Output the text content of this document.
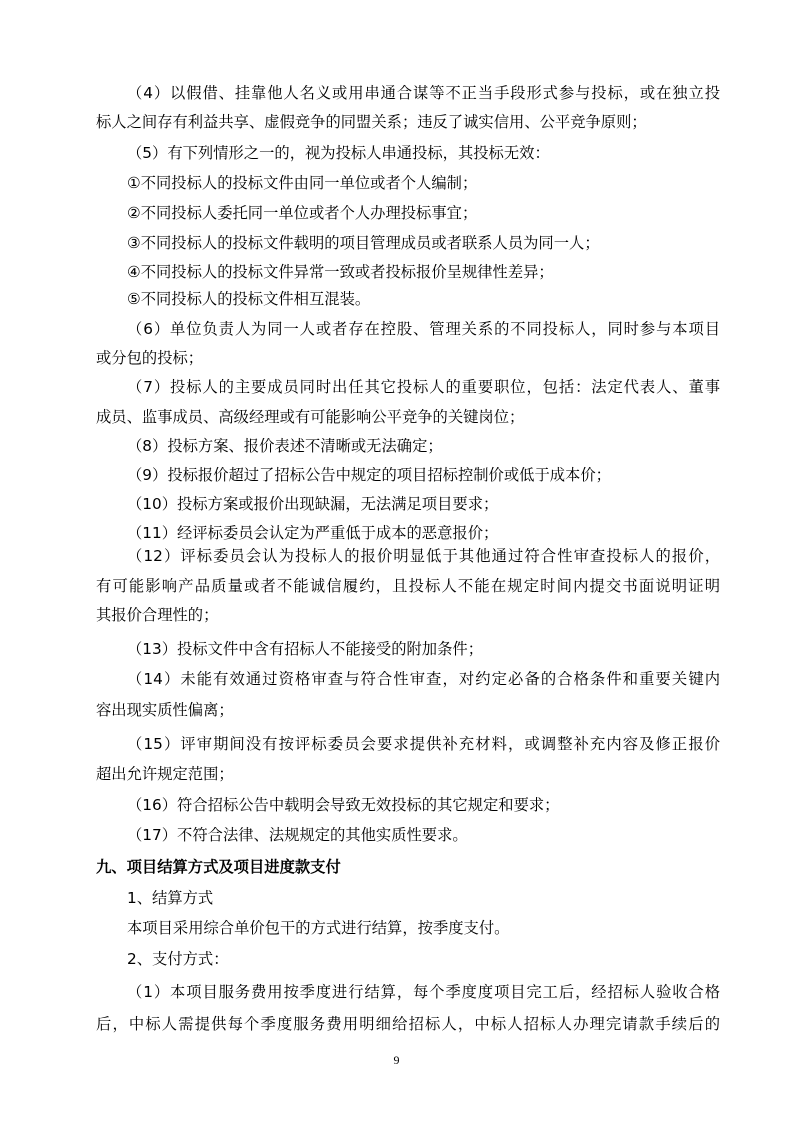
（4）以假借、挂靠他人名义或用串通合谋等不正当手段形式参与投标，或在独立投
标人之间存有利益共享、虚假竞争的同盟关系；违反了诚实信用、公平竞争原则；
（5）有下列情形之一的，视为投标人串通投标，其投标无效：
①不同投标人的投标文件由同一单位或者个人编制；
②不同投标人委托同一单位或者个人办理投标事宜；
③不同投标人的投标文件载明的项目管理成员或者联系人员为同一人；
④不同投标人的投标文件异常一致或者投标报价呈规律性差异；
⑤不同投标人的投标文件相互混装。
（6）单位负责人为同一人或者存在控股、管理关系的不同投标人，同时参与本项目
或分包的投标；
（7）投标人的主要成员同时出任其它投标人的重要职位，包括：法定代表人、董事
成员、监事成员、高级经理或有可能影响公平竞争的关键岗位；
（8）投标方案、报价表述不清晰或无法确定；
（9）投标报价超过了招标公告中规定的项目招标控制价或低于成本价；
（10）投标方案或报价出现缺漏，无法满足项目要求；
（11）经评标委员会认定为严重低于成本的恶意报价；
（12）评标委员会认为投标人的报价明显低于其他通过符合性审查投标人的报价，
有可能影响产品质量或者不能诚信履约，且投标人不能在规定时间内提交书面说明证明
其报价合理性的；
（13）投标文件中含有招标人不能接受的附加条件；
（14）未能有效通过资格审查与符合性审查，对约定必备的合格条件和重要关键内
容出现实质性偏离；
（15）评审期间没有按评标委员会要求提供补充材料，或调整补充内容及修正报价
超出允许规定范围；
（16）符合招标公告中载明会导致无效投标的其它规定和要求；
（17）不符合法律、法规规定的其他实质性要求。
九、项目结算方式及项目进度款支付
1、结算方式
本项目采用综合单价包干的方式进行结算，按季度支付。
2、支付方式：
（1）本项目服务费用按季度进行结算，每个季度度项目完工后，经招标人验收合格
后，中标人需提供每个季度服务费用明细给招标人，中标人招标人办理完请款手续后的
9
